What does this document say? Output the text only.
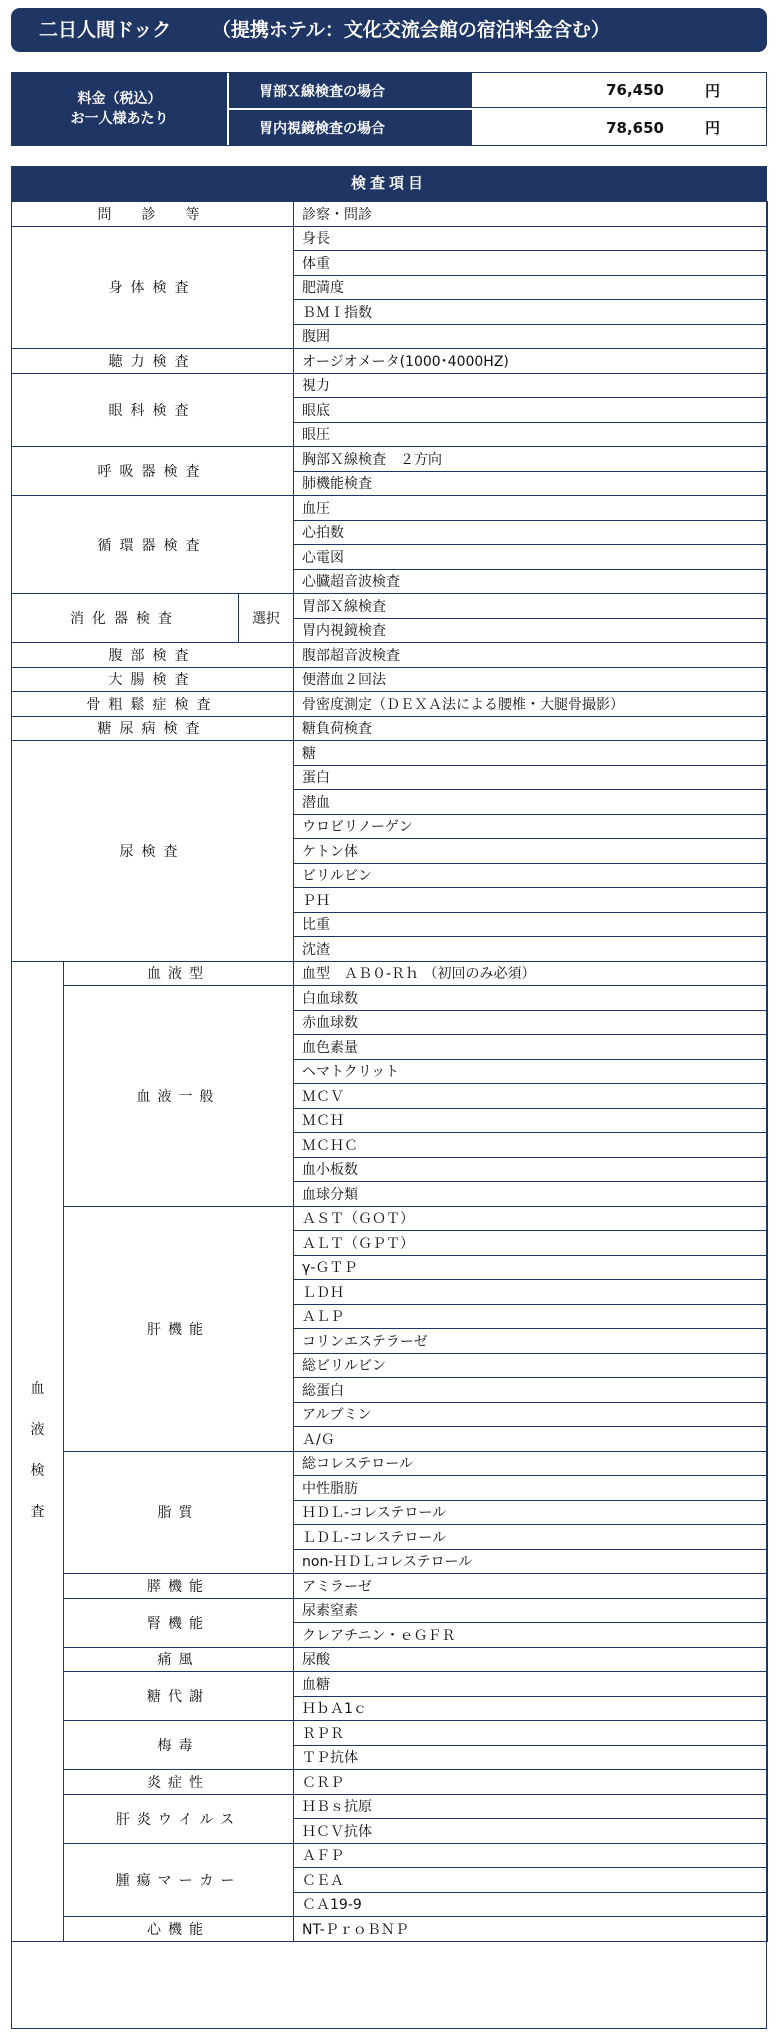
二日人間ドック （提携ホテル：文化交流会館の宿泊料金含む）
料金（税込）
お一人様あたり
胃部Ｘ線検査の場合	76,450	円
胃内視鏡検査の場合	78,650	円
検査項目
問　診　等			診察・問診
身体検査			身長
			体重
			肥満度
			ＢＭＩ指数
			腹囲
聴力検査			オージオメータ(1000･4000HZ)
眼科検査			視力
			眼底
			眼圧
呼吸器検査			胸部Ｘ線検査　２方向
			肺機能検査
循環器検査			血圧
			心拍数
			心電図
			心臓超音波検査
消化器検査		選択	胃部Ｘ線検査
			胃内視鏡検査
腹部検査			腹部超音波検査
大腸検査			便潜血２回法
骨粗鬆症検査			骨密度測定（ＤＥＸＡ法による腰椎・大腿骨撮影）
糖尿病検査			糖負荷検査
尿検査			糖
			蛋白
			潜血
			ウロビリノーゲン
			ケトン体
			ビリルビン
			ＰＨ
			比重
			沈渣

血
液
検
査	血液型		血型　ＡＢ０-Ｒｈ （初回のみ必須）
	血液一般		白血球数
			赤血球数
			血色素量
			ヘマトクリット
			ＭＣＶ
			ＭＣＨ
			ＭＣＨＣ
			血小板数
			血球分類
	肝機能		ＡＳＴ（ＧＯＴ）
			ＡＬＴ（ＧＰＴ）
			γ-ＧＴＰ
			ＬＤＨ
			ＡＬＰ
			コリンエステラーゼ
			総ビリルビン
			総蛋白
			アルブミン
			Ａ/Ｇ
	脂質		総コレステロール
			中性脂肪
			ＨＤＬ-コレステロール
			ＬＤＬ-コレステロール
			non-ＨＤＬコレステロール
	膵機能		アミラーゼ
	腎機能		尿素窒素
			クレアチニン・ｅＧＦＲ
	痛風		尿酸
	糖代謝		血糖
			ＨｂＡ1ｃ
	梅毒		ＲＰＲ
			ＴＰ抗体
	炎症性		ＣＲＰ
	肝炎ウイルス		ＨＢｓ抗原
			ＨＣＶ抗体
	腫瘍マーカー		ＡＦＰ
			ＣＥＡ
			ＣＡ19-9
	心機能		NT-ＰｒｏＢＮＰ
